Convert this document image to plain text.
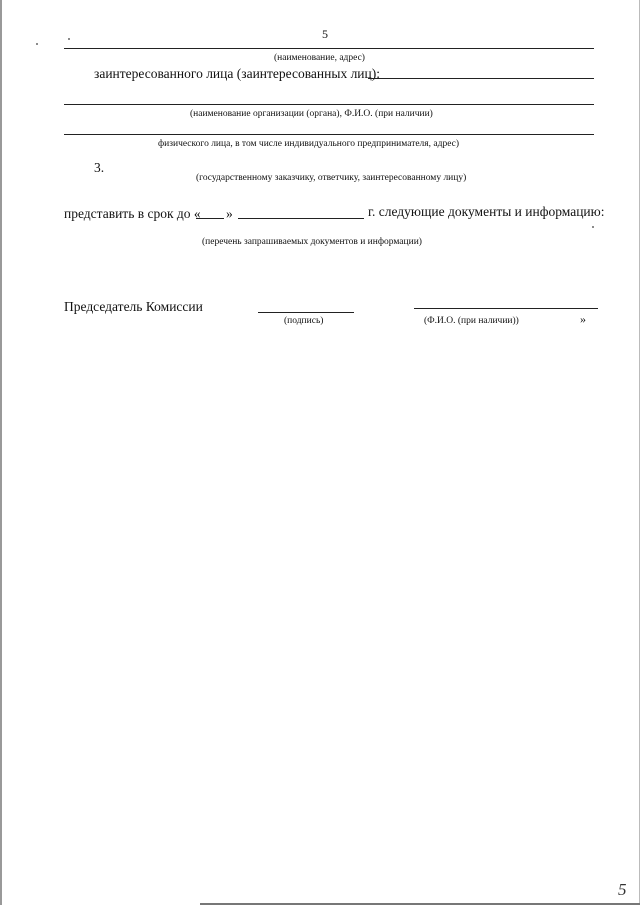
5
(наименование, адрес)
заинтересованного лица (заинтересованных лиц):
(наименование организации (органа), Ф.И.О. (при наличии)
физического лица, в том числе индивидуального предпринимателя, адрес)
3.
(государственному заказчику, ответчику, заинтересованному лицу)
представить в срок до « »	г. следующие документы и информацию:
(перечень запрашиваемых документов и информации)
Председатель Комиссии
(подпись)	(Ф.И.О. (при наличии))	»
5
